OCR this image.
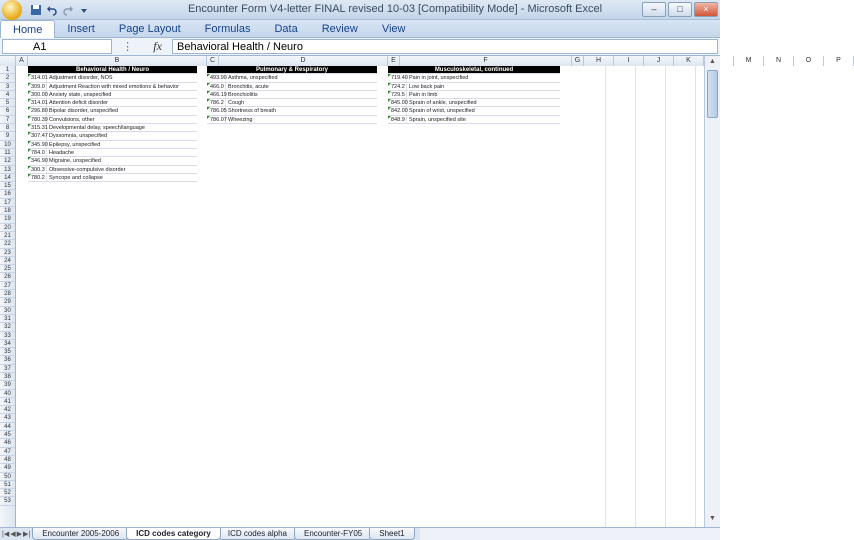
Encounter Form V4-letter FINAL revised 10-03 [Compatibility Mode] - Microsoft Excel	–	□	×
Home	Insert	Page Layout	Formulas	Data	Review	View
A1	⋮ fx	Behavioral Health / Neuro
A	B	C	D	E	F	G	H	I	J	K	M	N	O	P
1
2
3
4
5
6
7
8
9
10
11
12
13
14
15
16
17
18
19
20
21
22
23
24
25
26
27
28
29
30
31
32
33
34
35
36
37
38
39
40
41
42
43
44
45
46
47
48
49
50
51
52
53
Behavioral Health / Neuro
314.01 Adjustment disorder, NOS
309.0 Adjustment Reaction with mixed emotions & behavior
300.00 Anxiety state, unspecified
314.01 Attention deficit disorder
296.80 Bipolar disorder, unspecified
780.39 Convulsions, other
315.31 Developmental delay, speech/language
307.47 Dyssomnia, unspecified
345.90 Epilepsy, unspecified
784.0 Headache
346.90 Migraine, unspecified
300.3 Obsessive-compulsive disorder
780.2 Syncope and collapse
Pulmonary & Respiratory
493.90 Asthma, unspecified
466.0 Bronchitis, acute
466.19 Bronchiolitis
786.2 Cough
786.05 Shortness of breath
786.07 Wheezing
Musculoskeletal, continued
719.40 Pain in joint, unspecified
724.2 Low back pain
729.5 Pain in limb
845.00 Sprain of ankle, unspecified
842.00 Sprain of wrist, unspecified
848.9 Sprain, unspecified site
▲
▼
|◀ ◀ ▶ ▶|	Encounter 2005-2006	ICD codes category	ICD codes alpha	Encounter-FY05	Sheet1
